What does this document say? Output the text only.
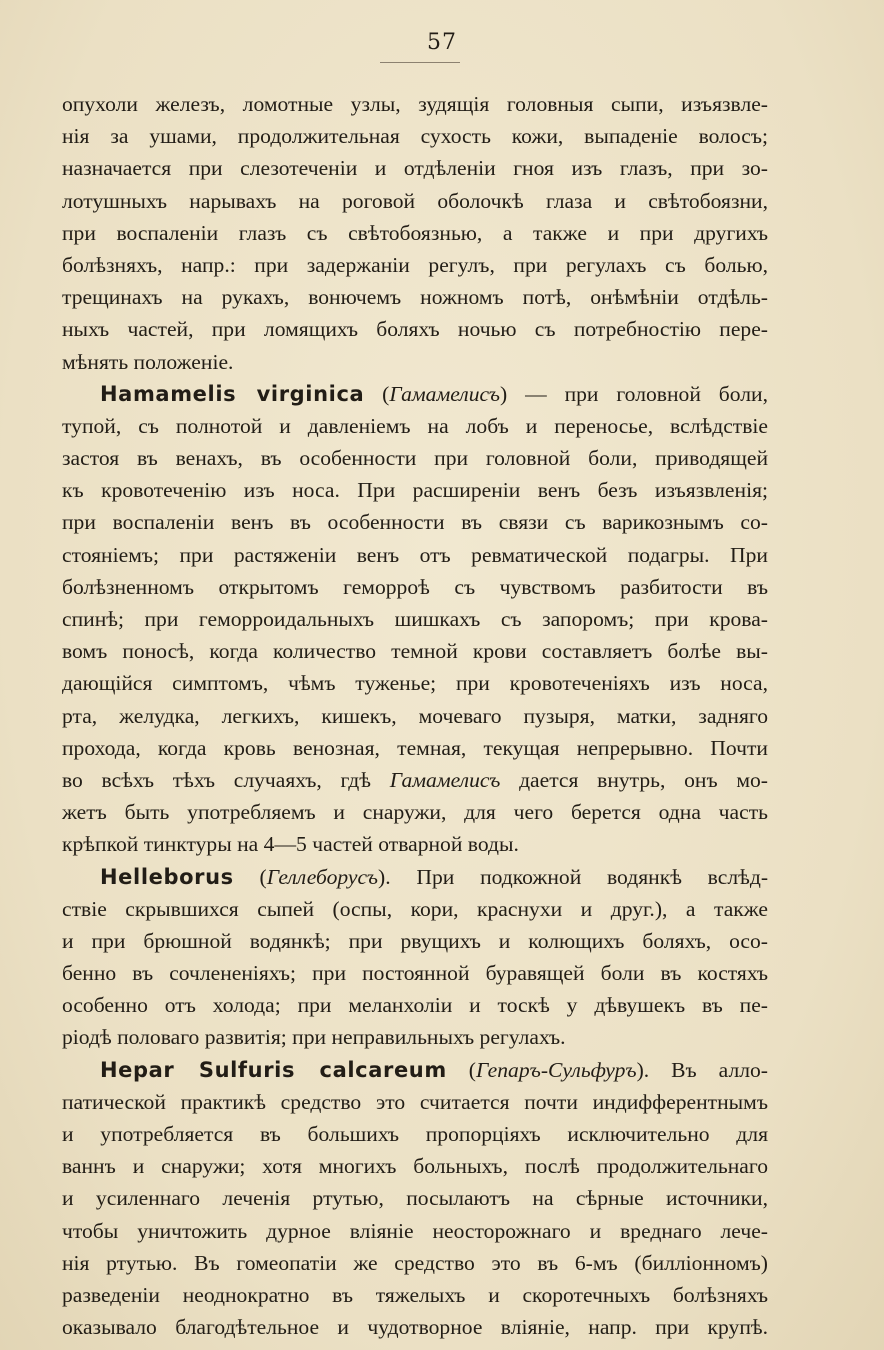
57
опухоли железъ, ломотные узлы, зудящія головныя сыпи, изъязвле-
нія за ушами, продолжительная сухость кожи, выпаденіе волосъ;
назначается при слезотеченіи и отдѣленіи гноя изъ глазъ, при зо-
лотушныхъ нарывахъ на роговой оболочкѣ глаза и свѣтобоязни,
при воспаленіи глазъ съ свѣтобоязнью, а также и при другихъ
болѣзняхъ, напр.: при задержаніи регулъ, при регулахъ съ болью,
трещинахъ на рукахъ, вонючемъ ножномъ потѣ, онѣмѣніи отдѣль-
ныхъ частей, при ломящихъ боляхъ ночью съ потребностію пере-
мѣнять положеніе.
Hamamelis virginica (Гамамелисъ) — при головной боли,
тупой, съ полнотой и давленіемъ на лобъ и переносье, вслѣдствіе
застоя въ венахъ, въ особенности при головной боли, приводящей
къ кровотеченію изъ носа. При расширеніи венъ безъ изъязвленія;
при воспаленіи венъ въ особенности въ связи съ варикознымъ со-
стояніемъ; при растяженіи венъ отъ ревматической подагры. При
болѣзненномъ открытомъ геморроѣ съ чувствомъ разбитости въ
спинѣ; при геморроидальныхъ шишкахъ съ запоромъ; при крова-
вомъ поносѣ, когда количество темной крови составляетъ болѣе вы-
дающійся симптомъ, чѣмъ туженье; при кровотеченіяхъ изъ носа,
рта, желудка, легкихъ, кишекъ, мочеваго пузыря, матки, задняго
прохода, когда кровь венозная, темная, текущая непрерывно. Почти
во всѣхъ тѣхъ случаяхъ, гдѣ Гамамелисъ дается внутрь, онъ мо-
жетъ быть употребляемъ и снаружи, для чего берется одна часть
крѣпкой тинктуры на 4—5 частей отварной воды.
Helleborus (Геллеборусъ). При подкожной водянкѣ вслѣд-
ствіе скрывшихся сыпей (оспы, кори, краснухи и друг.), а также
и при брюшной водянкѣ; при рвущихъ и колющихъ боляхъ, осо-
бенно въ сочлененіяхъ; при постоянной буравящей боли въ костяхъ
особенно отъ холода; при меланхоліи и тоскѣ у дѣвушекъ въ пе-
ріодѣ половаго развитія; при неправильныхъ регулахъ.
Hepar Sulfuris calcareum (Гепаръ-Сульфуръ). Въ алло-
патической практикѣ средство это считается почти индифферентнымъ
и употребляется въ большихъ пропорціяхъ исключительно для
ваннъ и снаружи; хотя многихъ больныхъ, послѣ продолжительнаго
и усиленнаго леченія ртутью, посылаютъ на сѣрные источники,
чтобы уничтожить дурное вліяніе неосторожнаго и вреднаго лече-
нія ртутью. Въ гомеопатіи же средство это въ 6-мъ (билліонномъ)
разведеніи неоднократно въ тяжелыхъ и скоротечныхъ болѣзняхъ
оказывало благодѣтельное и чудотворное вліяніе, напр. при крупѣ.
